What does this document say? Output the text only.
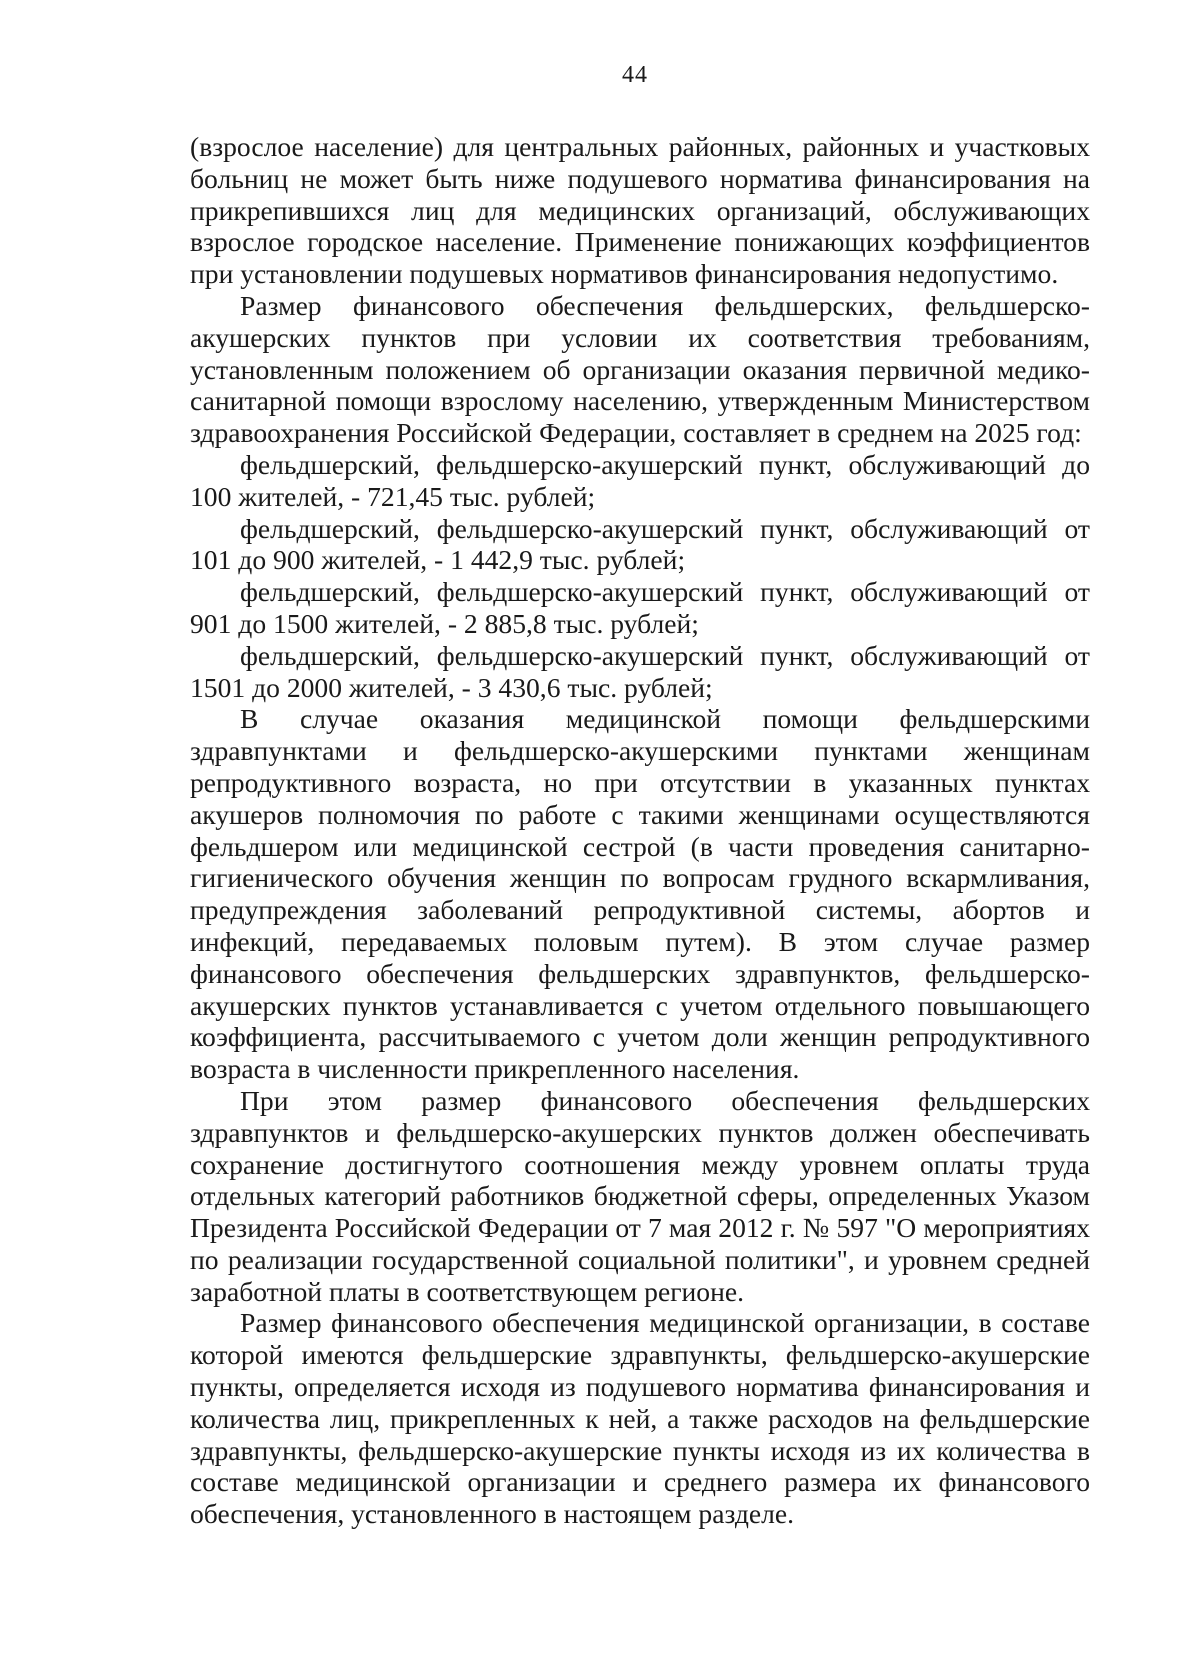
44

(взрослое население) для центральных районных, районных и участковых больниц не может быть ниже подушевого норматива финансирования на прикрепившихся лиц для медицинских организаций, обслуживающих взрослое городское население. Применение понижающих коэффициентов при установлении подушевых нормативов финансирования недопустимо.

Размер финансового обеспечения фельдшерских, фельдшерско-акушерских пунктов при условии их соответствия требованиям, установленным положением об организации оказания первичной медико-санитарной помощи взрослому населению, утвержденным Министерством здравоохранения Российской Федерации, составляет в среднем на 2025 год:

фельдшерский, фельдшерско-акушерский пункт, обслуживающий до 100 жителей, - 721,45 тыс. рублей;

фельдшерский, фельдшерско-акушерский пункт, обслуживающий от 101 до 900 жителей, - 1 442,9 тыс. рублей;

фельдшерский, фельдшерско-акушерский пункт, обслуживающий от 901 до 1500 жителей, - 2 885,8 тыс. рублей;

фельдшерский, фельдшерско-акушерский пункт, обслуживающий от 1501 до 2000 жителей, - 3 430,6 тыс. рублей;

В случае оказания медицинской помощи фельдшерскими здравпунктами и фельдшерско-акушерскими пунктами женщинам репродуктивного возраста, но при отсутствии в указанных пунктах акушеров полномочия по работе с такими женщинами осуществляются фельдшером или медицинской сестрой (в части проведения санитарно-гигиенического обучения женщин по вопросам грудного вскармливания, предупреждения заболеваний репродуктивной системы, абортов и инфекций, передаваемых половым путем). В этом случае размер финансового обеспечения фельдшерских здравпунктов, фельдшерско-акушерских пунктов устанавливается с учетом отдельного повышающего коэффициента, рассчитываемого с учетом доли женщин репродуктивного возраста в численности прикрепленного населения.

При этом размер финансового обеспечения фельдшерских здравпунктов и фельдшерско-акушерских пунктов должен обеспечивать сохранение достигнутого соотношения между уровнем оплаты труда отдельных категорий работников бюджетной сферы, определенных Указом Президента Российской Федерации от 7 мая 2012 г. № 597 "О мероприятиях по реализации государственной социальной политики", и уровнем средней заработной платы в соответствующем регионе.

Размер финансового обеспечения медицинской организации, в составе которой имеются фельдшерские здравпункты, фельдшерско-акушерские пункты, определяется исходя из подушевого норматива финансирования и количества лиц, прикрепленных к ней, а также расходов на фельдшерские здравпункты, фельдшерско-акушерские пункты исходя из их количества в составе медицинской организации и среднего размера их финансового обеспечения, установленного в настоящем разделе.
